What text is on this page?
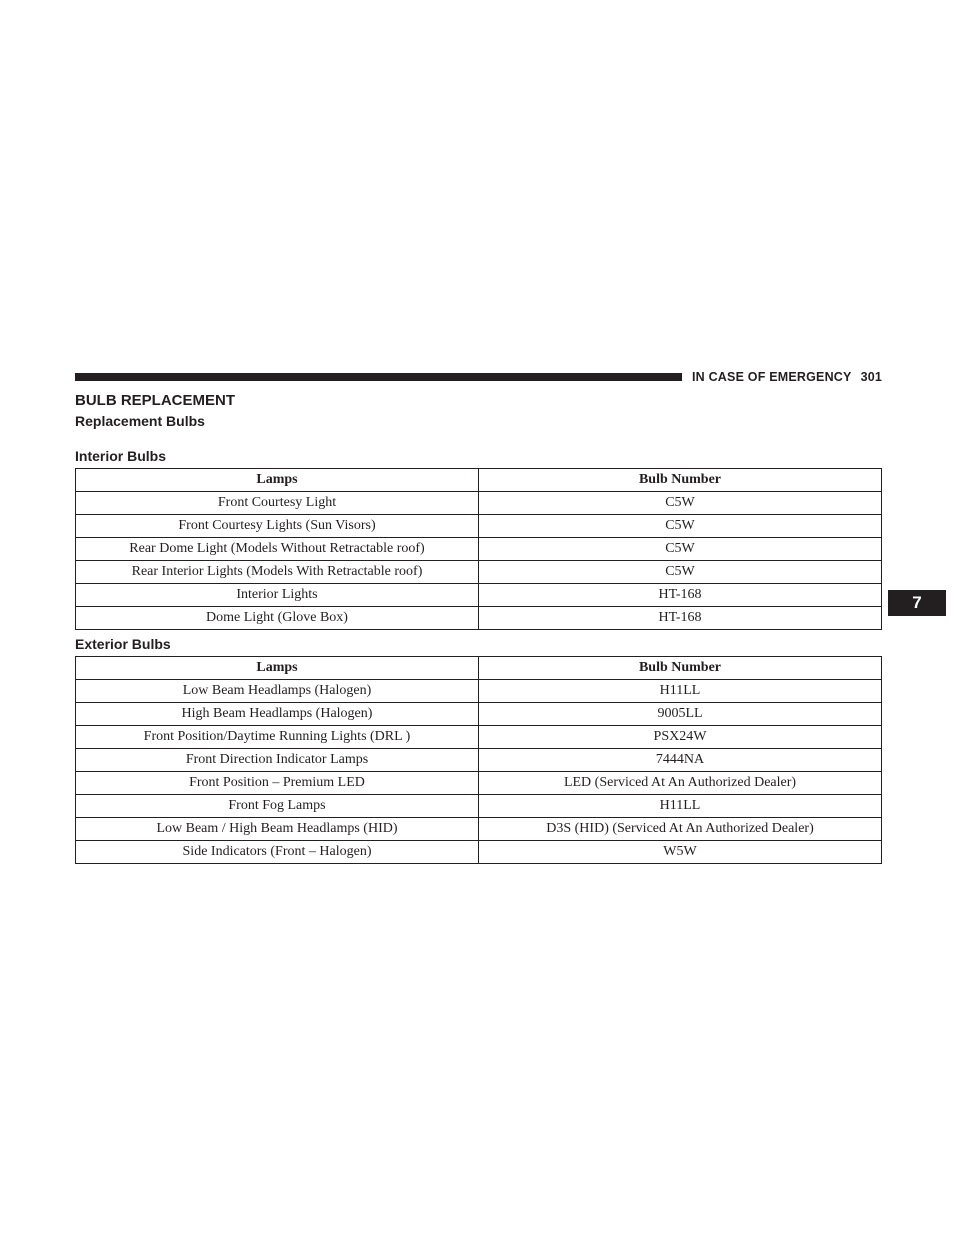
IN CASE OF EMERGENCY 301
BULB REPLACEMENT
Replacement Bulbs
Interior Bulbs
Lamps	Bulb Number
Front Courtesy Light	C5W
Front Courtesy Lights (Sun Visors)	C5W
Rear Dome Light (Models Without Retractable roof)	C5W
Rear Interior Lights (Models With Retractable roof)	C5W
Interior Lights	HT-168
Dome Light (Glove Box)	HT-168
Exterior Bulbs
Lamps	Bulb Number
Low Beam Headlamps (Halogen)	H11LL
High Beam Headlamps (Halogen)	9005LL
Front Position/Daytime Running Lights (DRL )	PSX24W
Front Direction Indicator Lamps	7444NA
Front Position – Premium LED	LED (Serviced At An Authorized Dealer)
Front Fog Lamps	H11LL
Low Beam / High Beam Headlamps (HID)	D3S (HID) (Serviced At An Authorized Dealer)
Side Indicators (Front – Halogen)	W5W
7
